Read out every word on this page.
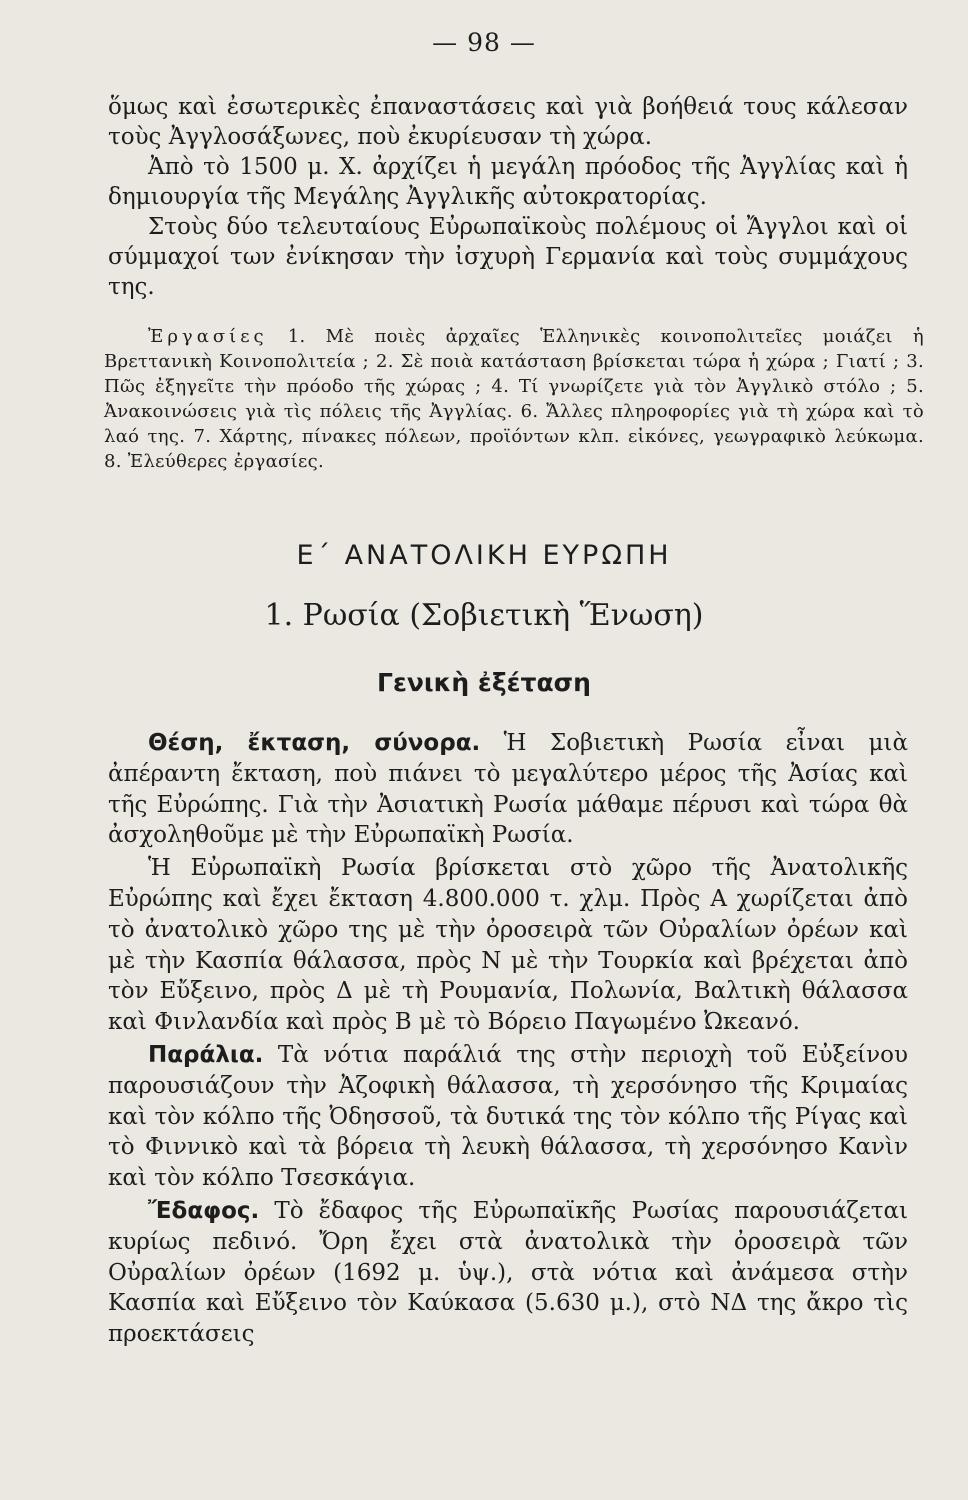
— 98 —

ὅμως καὶ ἐσωτερικὲς ἐπαναστάσεις καὶ γιὰ βοήθειά τους κάλεσαν τοὺς Ἀγγλοσάξωνες, ποὺ ἐκυρίευσαν τὴ χώρα.

Ἀπὸ τὸ 1500 μ. Χ. ἀρχίζει ἡ μεγάλη πρόοδος τῆς Ἀγγλίας καὶ ἡ δημιουργία τῆς Μεγάλης Ἀγγλικῆς αὐτοκρατορίας.

Στοὺς δύο τελευταίους Εὐρωπαϊκοὺς πολέμους οἱ Ἄγγλοι καὶ οἱ σύμμαχοί των ἐνίκησαν τὴν ἰσχυρὴ Γερμανία καὶ τοὺς συμμάχους της.

Ἐργασίες 1. Μὲ ποιὲς ἀρχαῖες Ἑλληνικὲς κοινοπολιτεῖες μοιάζει ἡ Βρεττανικὴ Κοινοπολιτεία ; 2. Σὲ ποιὰ κατάσταση βρίσκεται τώρα ἡ χώρα ; Γιατί ; 3. Πῶς ἐξηγεῖτε τὴν πρόοδο τῆς χώρας ; 4. Τί γνωρίζετε γιὰ τὸν Ἀγγλικὸ στόλο ; 5. Ἀνακοινώσεις γιὰ τὶς πόλεις τῆς Ἀγγλίας. 6. Ἄλλες πληροφορίες γιὰ τὴ χώρα καὶ τὸ λαό της. 7. Χάρτης, πίνακες πόλεων, προϊόντων κλπ. εἰκόνες, γεωγραφικὸ λεύκωμα. 8. Ἐλεύθερες ἐργασίες.

Ε΄ ΑΝΑΤΟΛΙΚΗ ΕΥΡΩΠΗ
1. Ρωσία (Σοβιετικὴ Ἕνωση)
Γενικὴ ἐξέταση

Θέση, ἔκταση, σύνορα. Ἡ Σοβιετικὴ Ρωσία εἶναι μιὰ ἀπέραντη ἔκταση, ποὺ πιάνει τὸ μεγαλύτερο μέρος τῆς Ἀσίας καὶ τῆς Εὐρώπης. Γιὰ τὴν Ἀσιατικὴ Ρωσία μάθαμε πέρυσι καὶ τώρα θὰ ἀσχοληθοῦμε μὲ τὴν Εὐρωπαϊκὴ Ρωσία.

Ἡ Εὐρωπαϊκὴ Ρωσία βρίσκεται στὸ χῶρο τῆς Ἀνατολικῆς Εὐρώπης καὶ ἔχει ἔκταση 4.800.000 τ. χλμ. Πρὸς Α χωρίζεται ἀπὸ τὸ ἀνατολικὸ χῶρο της μὲ τὴν ὀροσειρὰ τῶν Οὐραλίων ὀρέων καὶ μὲ τὴν Κασπία θάλασσα, πρὸς Ν μὲ τὴν Τουρκία καὶ βρέχεται ἀπὸ τὸν Εὔξεινο, πρὸς Δ μὲ τὴ Ρουμανία, Πολωνία, Βαλτικὴ θάλασσα καὶ Φινλανδία καὶ πρὸς Β μὲ τὸ Βόρειο Παγωμένο Ὠκεανό.

Παράλια. Τὰ νότια παράλιά της στὴν περιοχὴ τοῦ Εὐξείνου παρουσιάζουν τὴν Ἀζοφικὴ θάλασσα, τὴ χερσόνησο τῆς Κριμαίας καὶ τὸν κόλπο τῆς Ὀδησσοῦ, τὰ δυτικά της τὸν κόλπο τῆς Ρίγας καὶ τὸ Φιννικὸ καὶ τὰ βόρεια τὴ λευκὴ θάλασσα, τὴ χερσόνησο Κανὶν καὶ τὸν κόλπο Τσεσκάγια.

Ἔδαφος. Τὸ ἔδαφος τῆς Εὐρωπαϊκῆς Ρωσίας παρουσιάζεται κυρίως πεδινό. Ὄρη ἔχει στὰ ἀνατολικὰ τὴν ὀροσειρὰ τῶν Οὐραλίων ὀρέων (1692 μ. ὑψ.), στὰ νότια καὶ ἀνάμεσα στὴν Κασπία καὶ Εὔξεινο τὸν Καύκασα (5.630 μ.), στὸ ΝΔ της ἄκρο τὶς προεκτάσεις
